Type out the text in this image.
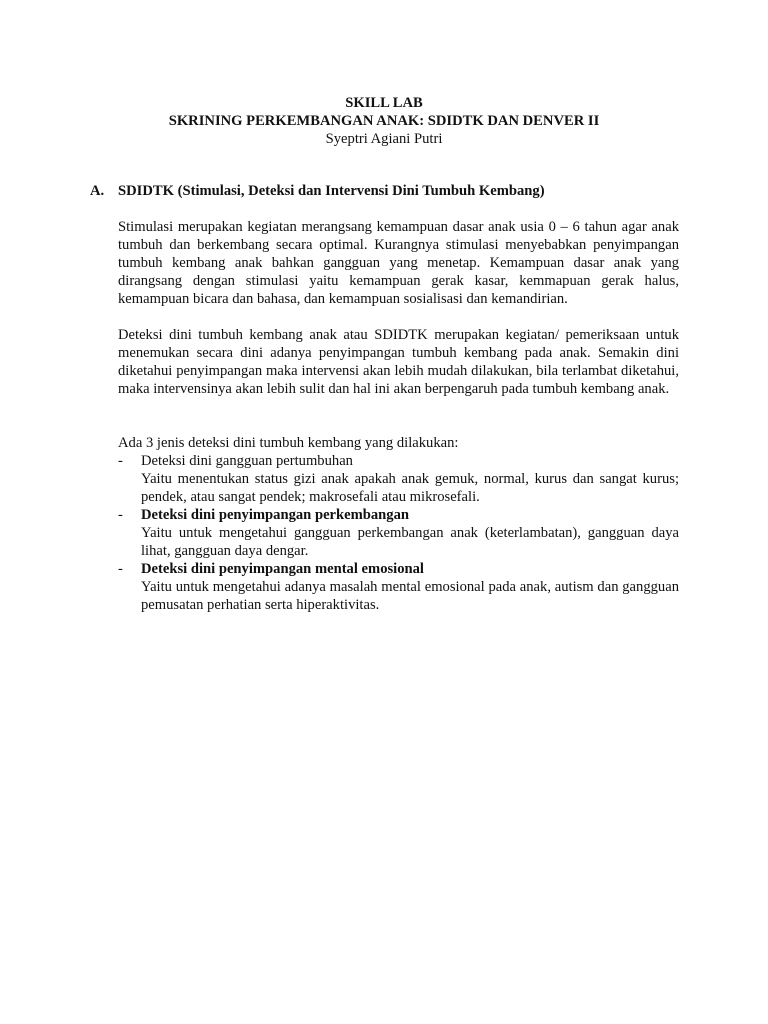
SKILL LAB

SKRINING PERKEMBANGAN ANAK: SDIDTK DAN DENVER II

Syeptri Agiani Putri

A. SDIDTK (Stimulasi, Deteksi dan Intervensi Dini Tumbuh Kembang)

Stimulasi merupakan kegiatan merangsang kemampuan dasar anak usia 0 – 6 tahun agar anak tumbuh dan berkembang secara optimal. Kurangnya stimulasi menyebabkan penyimpangan tumbuh kembang anak bahkan gangguan yang menetap. Kemampuan dasar anak yang dirangsang dengan stimulasi yaitu kemampuan gerak kasar, kemmapuan gerak halus, kemampuan bicara dan bahasa, dan kemampuan sosialisasi dan kemandirian.

Deteksi dini tumbuh kembang anak atau SDIDTK merupakan kegiatan/ pemeriksaan untuk menemukan secara dini adanya penyimpangan tumbuh kembang pada anak. Semakin dini diketahui penyimpangan maka intervensi akan lebih mudah dilakukan, bila terlambat diketahui, maka intervensinya akan lebih sulit dan hal ini akan berpengaruh pada tumbuh kembang anak.

Ada 3 jenis deteksi dini tumbuh kembang yang dilakukan:

- Deteksi dini gangguan pertumbuhan

Yaitu menentukan status gizi anak apakah anak gemuk, normal, kurus dan sangat kurus; pendek, atau sangat pendek; makrosefali atau mikrosefali.

- Deteksi dini penyimpangan perkembangan

Yaitu untuk mengetahui gangguan perkembangan anak (keterlambatan), gangguan daya lihat, gangguan daya dengar.

- Deteksi dini penyimpangan mental emosional

Yaitu untuk mengetahui adanya masalah mental emosional pada anak, autism dan gangguan pemusatan perhatian serta hiperaktivitas.
